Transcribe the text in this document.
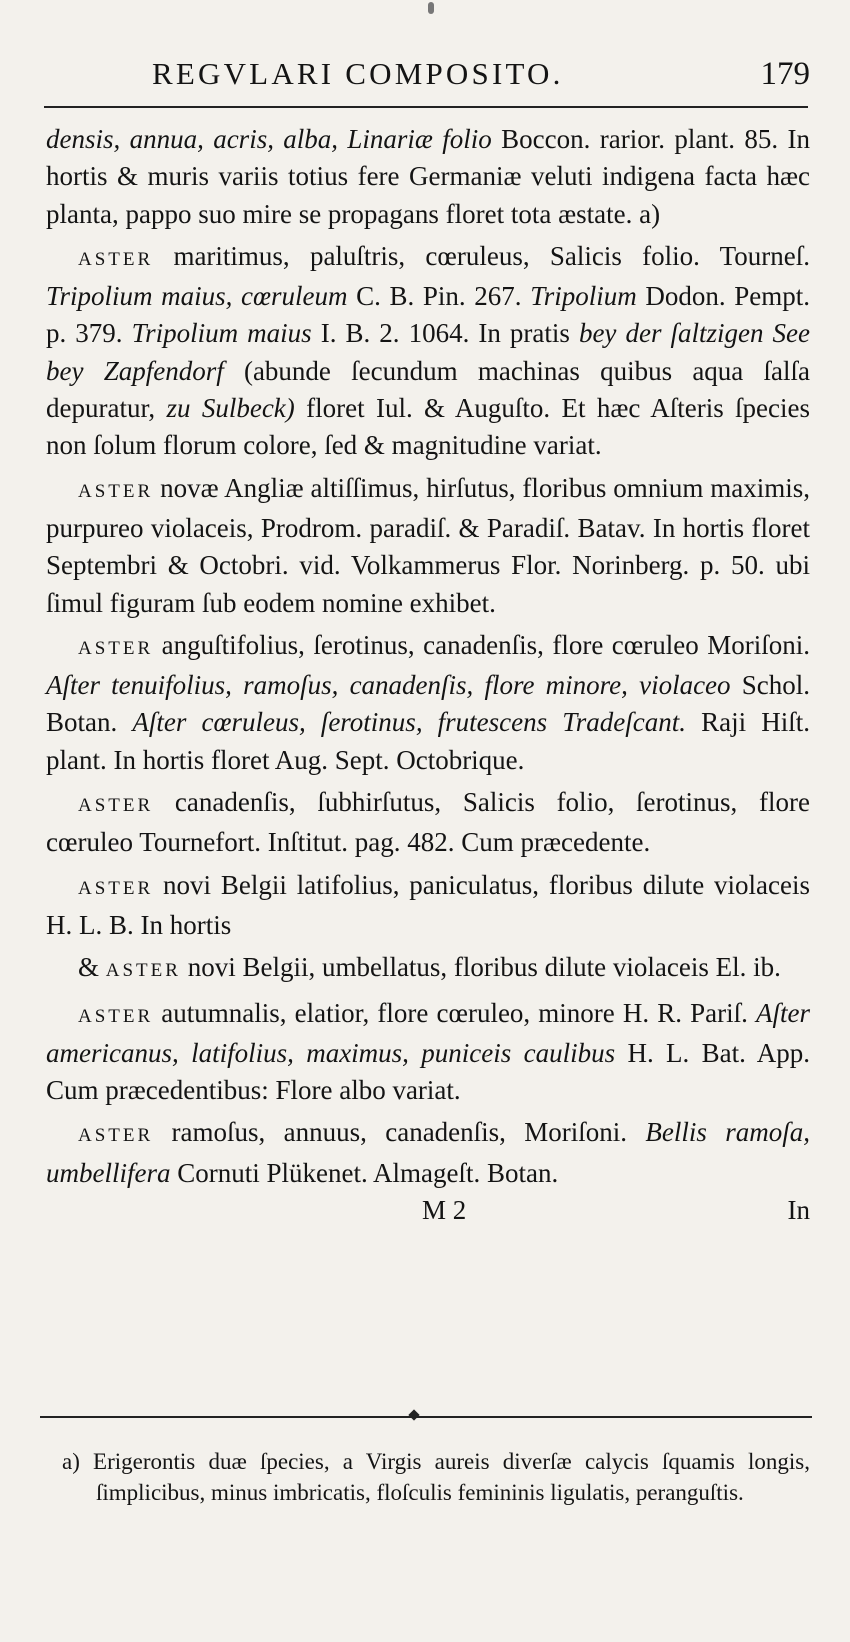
REGVLARI COMPOSITO.	179

densis, annua, acris, alba, Linariæ folio Boccon. rarior. plant. 85. In hortis & muris variis totius fere Germaniæ veluti indigena facta hæc planta, pappo suo mire se propagans floret tota æstate. a)

ASTER maritimus, paluſtris, cœruleus, Salicis folio. Tourneſ. Tripolium maius, cœruleum C. B. Pin. 267. Tripolium Dodon. Pempt. p. 379. Tripolium maius I. B. 2. 1064. In pratis bey der ſaltzigen See bey Zapfendorf (abunde ſecundum machinas quibus aqua ſalſa depuratur, zu Sulbeck) floret Iul. & Auguſto. Et hæc Aſteris ſpecies non ſolum florum colore, ſed & magnitudine variat.

ASTER novæ Angliæ altiſſimus, hirſutus, floribus omnium maximis, purpureo violaceis, Prodrom. paradiſ. & Paradiſ. Batav. In hortis floret Septembri & Octobri. vid. Volkammerus Flor. Norinberg. p. 50. ubi ſimul figuram ſub eodem nomine exhibet.

ASTER anguſtifolius, ſerotinus, canadenſis, flore cœruleo Moriſoni. Aſter tenuifolius, ramoſus, canadenſis, flore minore, violaceo Schol. Botan. Aſter cœruleus, ſerotinus, frutescens Tradeſcant. Raji Hiſt. plant. In hortis floret Aug. Sept. Octobrique.

ASTER canadenſis, ſubhirſutus, Salicis folio, ſerotinus, flore cœruleo Tournefort. Inſtitut. pag. 482. Cum præcedente.

ASTER novi Belgii latifolius, paniculatus, floribus dilute violaceis H. L. B. In hortis

& ASTER novi Belgii, umbellatus, floribus dilute violaceis El. ib.

ASTER autumnalis, elatior, flore cœruleo, minore H. R. Pariſ. Aſter americanus, latifolius, maximus, puniceis caulibus H. L. Bat. App. Cum præcedentibus: Flore albo variat.

ASTER ramoſus, annuus, canadenſis, Moriſoni. Bellis ramoſa, umbellifera Cornuti Plükenet. Almageſt. Botan.

M 2	In

a) Erigerontis duæ ſpecies, a Virgis aureis diverſæ calycis ſquamis longis, ſimplicibus, minus imbricatis, floſculis femininis ligulatis, peranguſtis.
